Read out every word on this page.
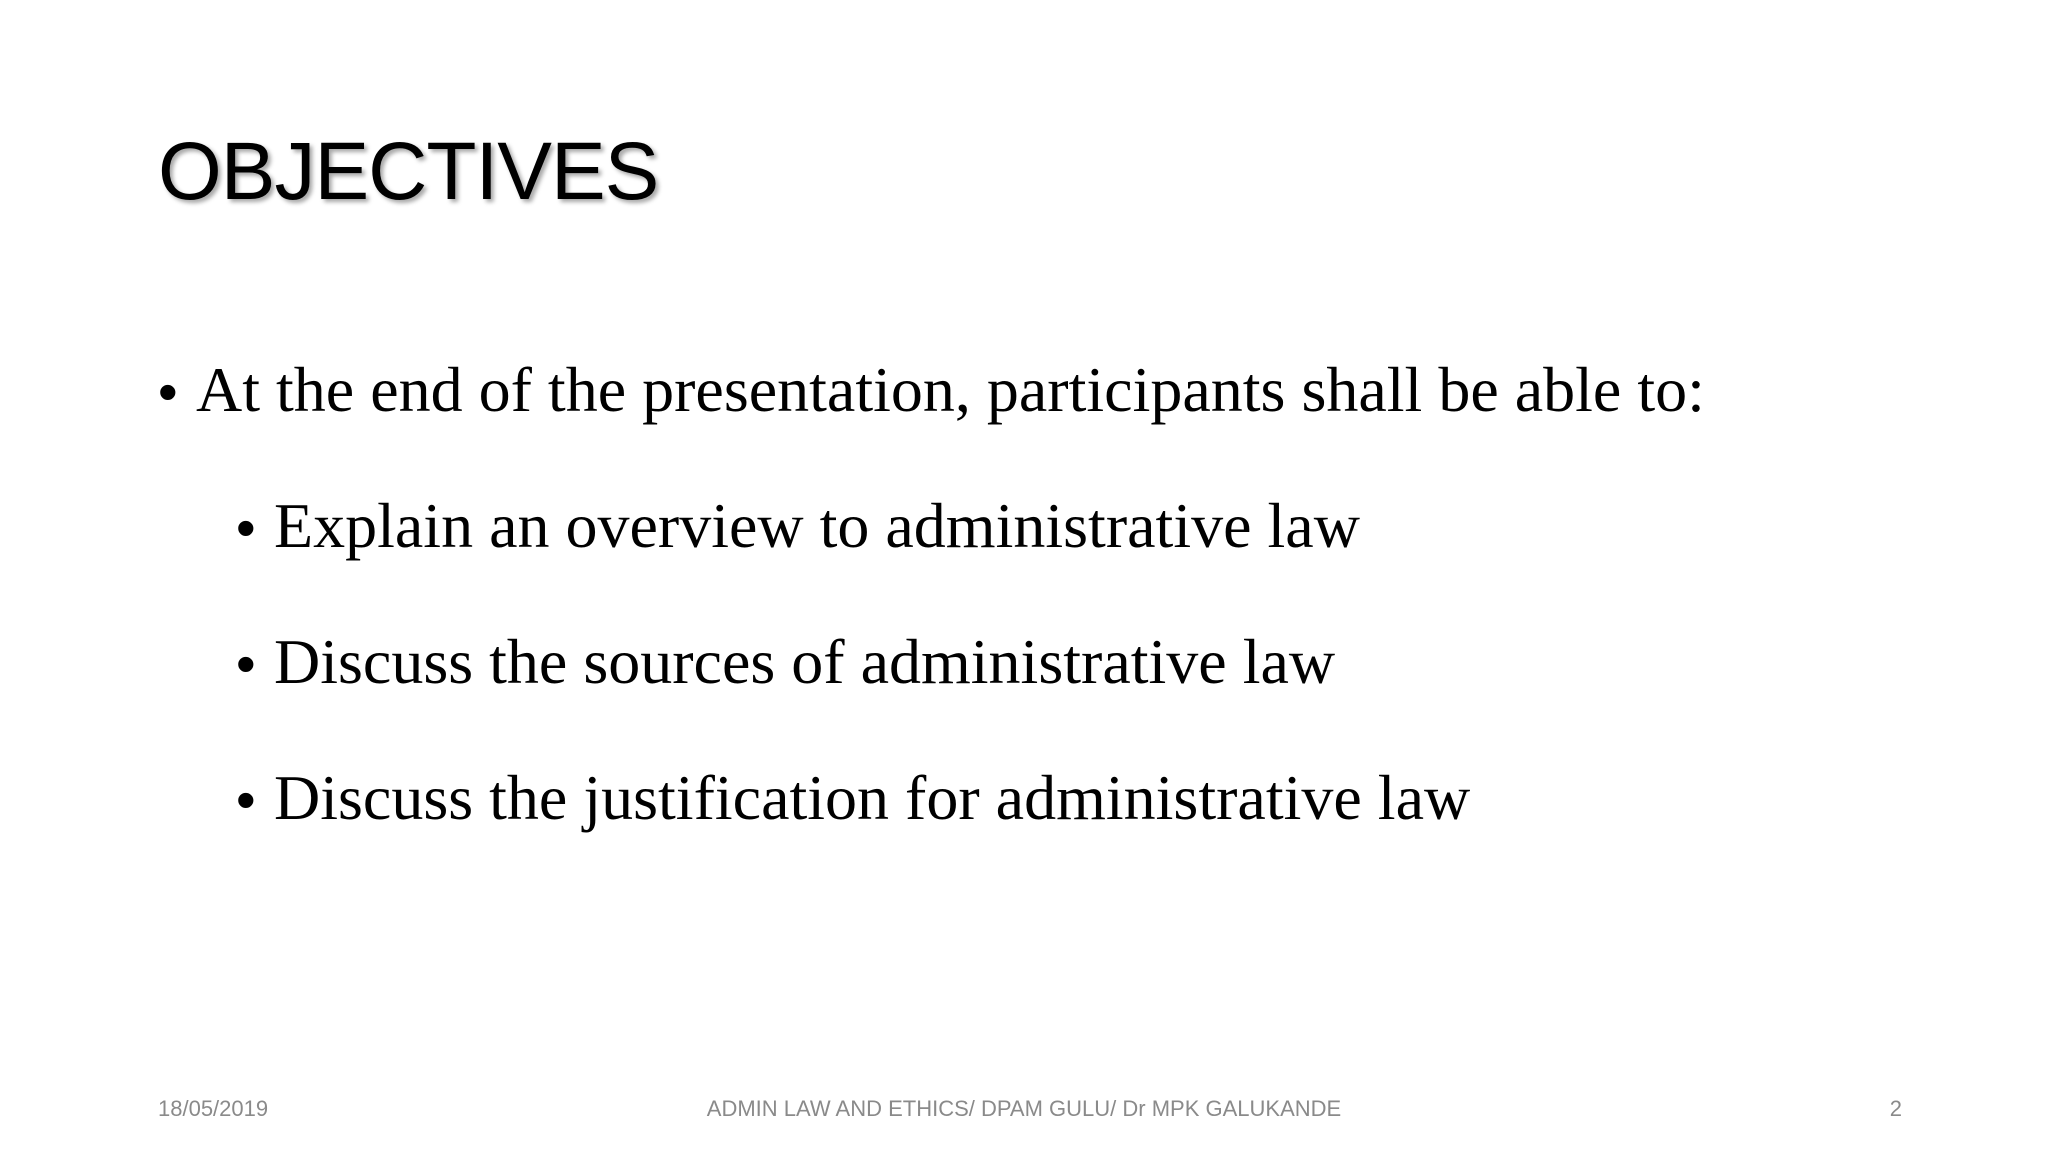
OBJECTIVES
• At the end of the presentation, participants shall be able to:
• Explain an overview to administrative law
• Discuss the sources of administrative law
• Discuss the justification for administrative law
18/05/2019	ADMIN LAW AND ETHICS/ DPAM GULU/ Dr MPK GALUKANDE	2
